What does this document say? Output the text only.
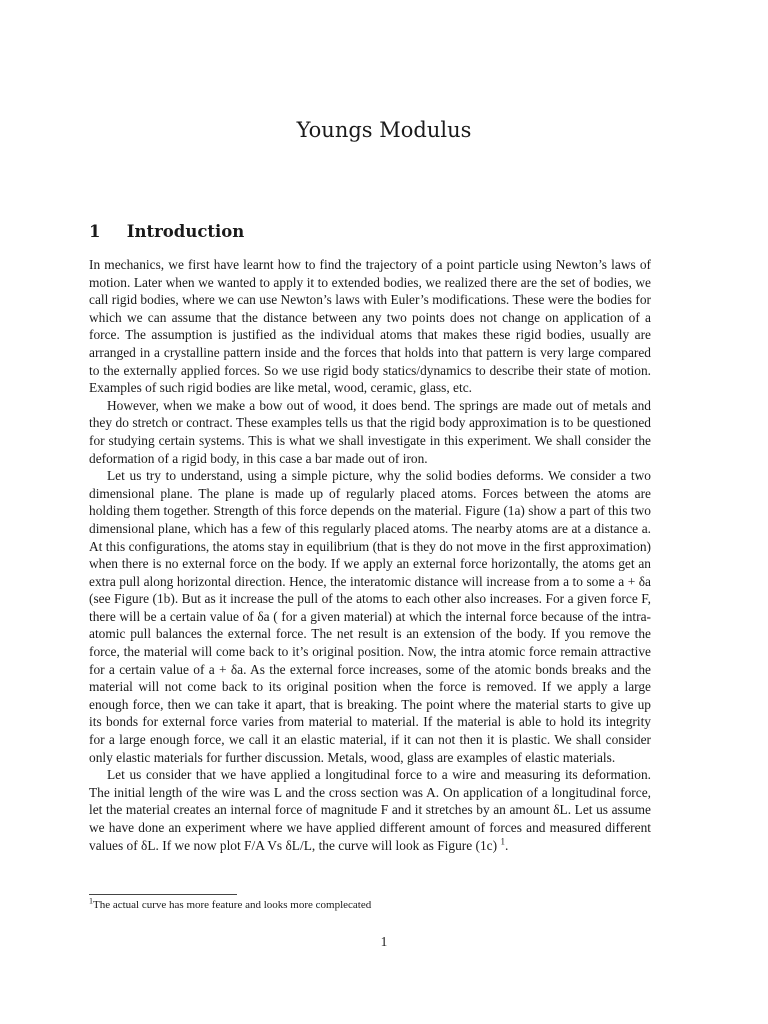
Youngs Modulus
1 Introduction

In mechanics, we first have learnt how to find the trajectory of a point particle using Newton’s laws of motion. Later when we wanted to apply it to extended bodies, we realized there are the set of bodies, we call rigid bodies, where we can use Newton’s laws with Euler’s modifications. These were the bodies for which we can assume that the distance between any two points does not change on application of a force. The assumption is justified as the individual atoms that makes these rigid bodies, usually are arranged in a crystalline pattern inside and the forces that holds into that pattern is very large compared to the externally applied forces. So we use rigid body statics/dynamics to describe their state of motion. Examples of such rigid bodies are like metal, wood, ceramic, glass, etc.

However, when we make a bow out of wood, it does bend. The springs are made out of metals and they do stretch or contract. These examples tells us that the rigid body approximation is to be questioned for studying certain systems. This is what we shall investigate in this experiment. We shall consider the deformation of a rigid body, in this case a bar made out of iron.

Let us try to understand, using a simple picture, why the solid bodies deforms. We consider a two dimensional plane. The plane is made up of regularly placed atoms. Forces between the atoms are holding them together. Strength of this force depends on the material. Figure (1a) show a part of this two dimensional plane, which has a few of this regularly placed atoms. The nearby atoms are at a distance a. At this configurations, the atoms stay in equilibrium (that is they do not move in the first approximation) when there is no external force on the body. If we apply an external force horizontally, the atoms get an extra pull along horizontal direction. Hence, the interatomic distance will increase from a to some a + δa (see Figure (1b). But as it increase the pull of the atoms to each other also increases. For a given force F, there will be a certain value of δa ( for a given material) at which the internal force because of the intra-atomic pull balances the external force. The net result is an extension of the body. If you remove the force, the material will come back to it’s original position. Now, the intra atomic force remain attractive for a certain value of a + δa. As the external force increases, some of the atomic bonds breaks and the material will not come back to its original position when the force is removed. If we apply a large enough force, then we can take it apart, that is breaking. The point where the material starts to give up its bonds for external force varies from material to material. If the material is able to hold its integrity for a large enough force, we call it an elastic material, if it can not then it is plastic. We shall consider only elastic materials for further discussion. Metals, wood, glass are examples of elastic materials.

Let us consider that we have applied a longitudinal force to a wire and measuring its deformation. The initial length of the wire was L and the cross section was A. On application of a longitudinal force, let the material creates an internal force of magnitude F and it stretches by an amount δL. Let us assume we have done an experiment where we have applied different amount of forces and measured different values of δL. If we now plot F/A Vs δL/L, the curve will look as Figure (1c) $^1$.

$^1$The actual curve has more feature and looks more complecated
1
